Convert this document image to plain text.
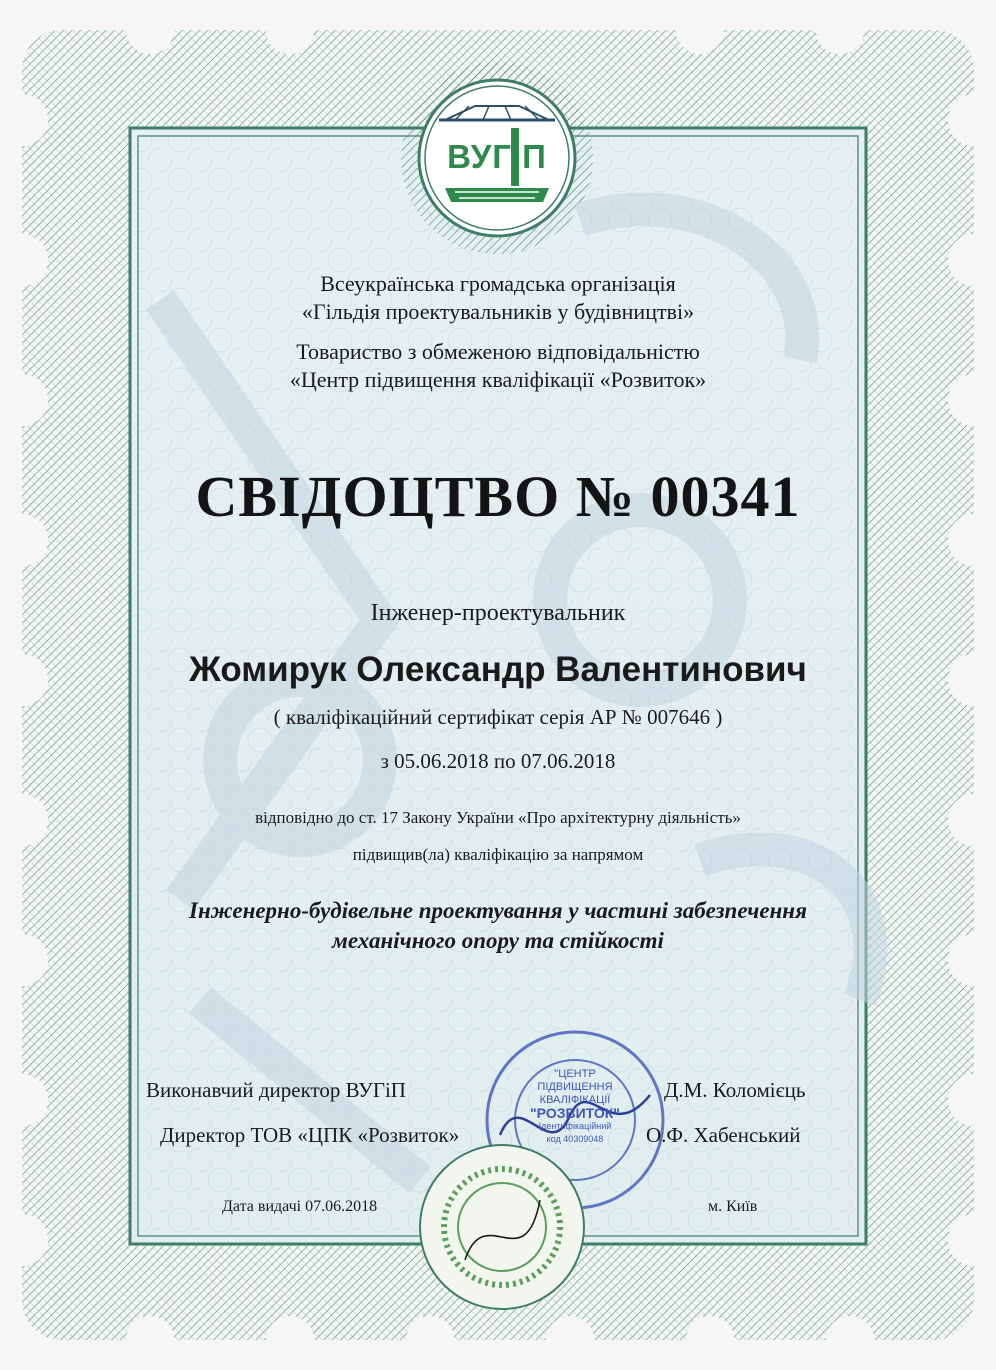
ВУГіП
Всеукраїнська громадська організація
«Гільдія проектувальників у будівництві»
Товариство з обмеженою відповідальністю
«Центр підвищення кваліфікації «Розвиток»
СВІДОЦТВО № 00341
Інженер-проектувальник
Жомирук Олександр Валентинович
( кваліфікаційний сертифікат серія АР № 007646 )
з 05.06.2018 по 07.06.2018
відповідно до ст. 17 Закону України «Про архітектурну діяльність»
підвищив(ла) кваліфікацію за напрямом
Інженерно-будівельне проектування у частині забезпечення
механічного опору та стійкості
"ЦЕНТР
ПІДВИЩЕННЯ
КВАЛІФІКАЦІЇ
"РОЗВИТОК"
Ідентифікаційний
код 40309048
Виконавчий директор ВУГіП	Д.М. Коломієць
Директор ТОВ «ЦПК «Розвиток»	О.Ф. Хабенський
Дата видачі 07.06.2018	м. Київ
